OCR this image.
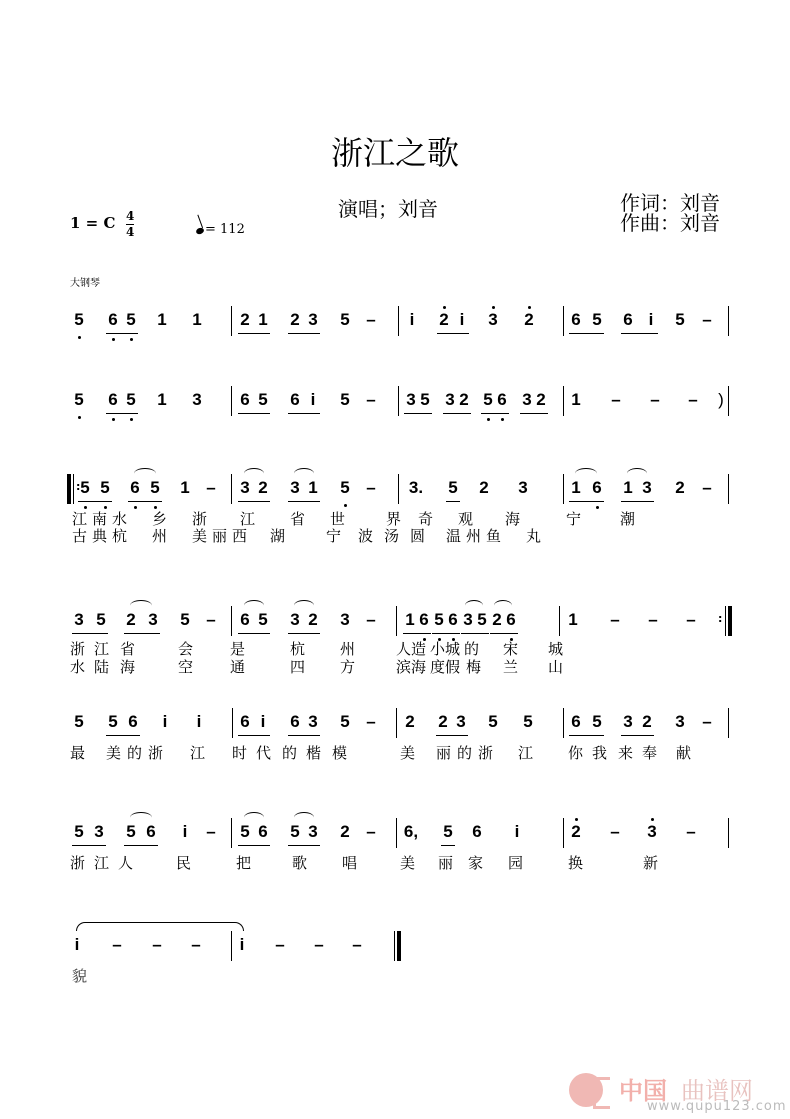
浙江之歌
演唱；刘音	作词：刘音
作曲：刘音
1 = C 4
4	= 112
大钢琴
5 6 5 1 1 2 1 2 3 5 – i 2 i 3 2 6 5 6 i 5 –
5 6 5 1 3 6 5 6 i 5 – 3 5 3 2 5 6 3 2 1 – – – )
: 5 5 6 5 1 – 3 2 3 1 5 – 3. 5 2 3	1 6 1 3 2 –
江 南 水 乡 浙 江 省 世	界 奇 观 海	宁	潮
古 典 杭 州 美 丽 西 湖	宁 波 汤 圆 温 州 鱼 丸
3 5 2 3 5 – 6 5 3 2 3 – 1 6 5 6 3 5 2 6	1 – – – :
浙 江 省	会 是	杭 州	人造 小城 的 宋 城
水 陆 海	空 通	四 方	滨海 度假 梅 兰 山
5 5 6 i i 6 i 6 3 5 – 2 2 3 5 5 6 5 3 2 3 –
最 美的浙 江 时 代 的 楷 模	美 丽的浙 江 你 我 来 奉 献
5 3 5 6 i – 5 6 5 3 2 – 6, 5 6 i	2 – 3 –
浙 江 人	民	把	歌 唱	美 丽 家 园	换	新
i – – – i – – –
貌
中国 曲谱网
www.qupu123.com
